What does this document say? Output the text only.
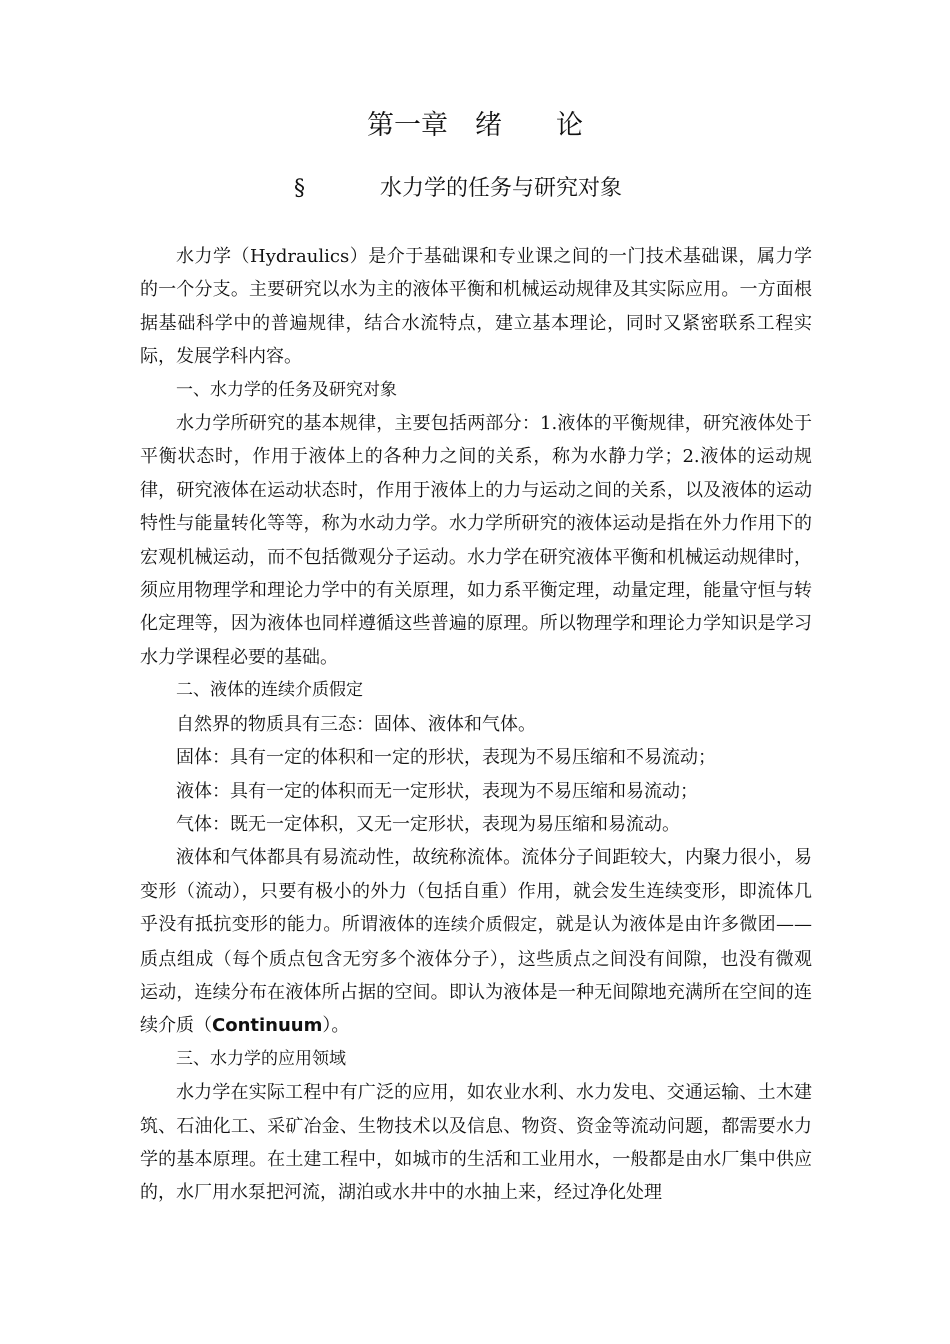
第一章　绪　　论
§	水力学的任务与研究对象

水力学（Hydraulics）是介于基础课和专业课之间的一门技术基础课，属力学的一个分支。主要研究以水为主的液体平衡和机械运动规律及其实际应用。一方面根据基础科学中的普遍规律，结合水流特点，建立基本理论，同时又紧密联系工程实际，发展学科内容。

一、水力学的任务及研究对象

水力学所研究的基本规律，主要包括两部分：1.液体的平衡规律，研究液体处于平衡状态时，作用于液体上的各种力之间的关系，称为水静力学；2.液体的运动规律，研究液体在运动状态时，作用于液体上的力与运动之间的关系，以及液体的运动特性与能量转化等等，称为水动力学。水力学所研究的液体运动是指在外力作用下的宏观机械运动，而不包括微观分子运动。水力学在研究液体平衡和机械运动规律时，须应用物理学和理论力学中的有关原理，如力系平衡定理，动量定理，能量守恒与转化定理等，因为液体也同样遵循这些普遍的原理。所以物理学和理论力学知识是学习水力学课程必要的基础。

二、液体的连续介质假定

自然界的物质具有三态：固体、液体和气体。

固体：具有一定的体积和一定的形状，表现为不易压缩和不易流动；

液体：具有一定的体积而无一定形状，表现为不易压缩和易流动；

气体：既无一定体积，又无一定形状，表现为易压缩和易流动。

液体和气体都具有易流动性，故统称流体。流体分子间距较大，内聚力很小，易变形（流动），只要有极小的外力（包括自重）作用，就会发生连续变形，即流体几乎没有抵抗变形的能力。所谓液体的连续介质假定，就是认为液体是由许多微团——质点组成（每个质点包含无穷多个液体分子），这些质点之间没有间隙，也没有微观运动，连续分布在液体所占据的空间。即认为液体是一种无间隙地充满所在空间的连续介质（Continuum）。

三、水力学的应用领域

水力学在实际工程中有广泛的应用，如农业水利、水力发电、交通运输、土木建筑、石油化工、采矿冶金、生物技术以及信息、物资、资金等流动问题，都需要水力学的基本原理。在土建工程中，如城市的生活和工业用水，一般都是由水厂集中供应的，水厂用水泵把河流，湖泊或水井中的水抽上来，经过净化处理
